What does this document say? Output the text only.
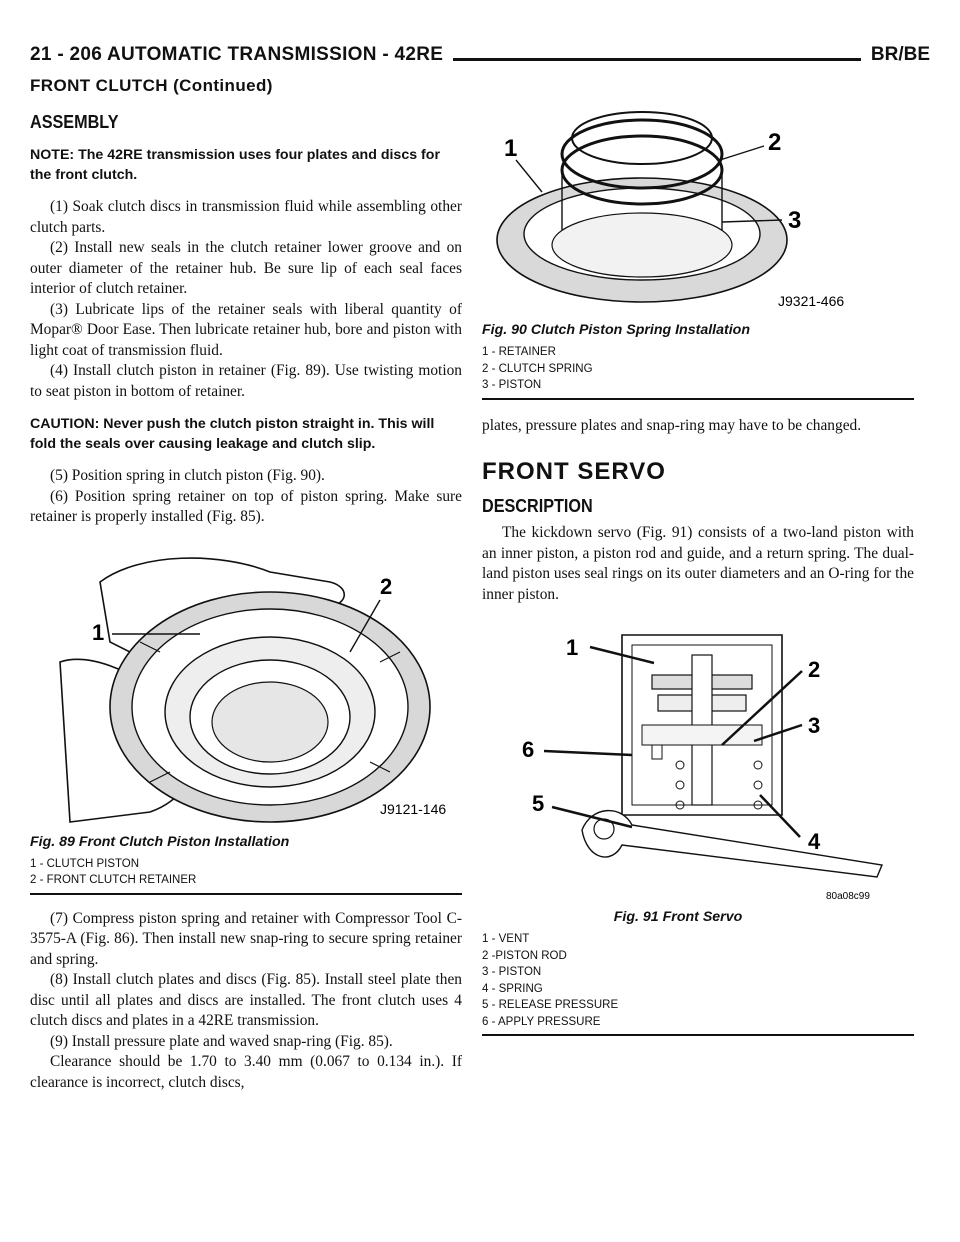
21 - 206 AUTOMATIC TRANSMISSION - 42RE	BR/BE
FRONT CLUTCH (Continued)
ASSEMBLY
NOTE: The 42RE transmission uses four plates and discs for the front clutch.

(1) Soak clutch discs in transmission fluid while assembling other clutch parts.

(2) Install new seals in the clutch retainer lower groove and on outer diameter of the retainer hub. Be sure lip of each seal faces interior of clutch retainer.

(3) Lubricate lips of the retainer seals with liberal quantity of Mopar® Door Ease. Then lubricate retainer hub, bore and piston with light coat of transmission fluid.

(4) Install clutch piston in retainer (Fig. 89). Use twisting motion to seat piston in bottom of retainer.

CAUTION: Never push the clutch piston straight in. This will fold the seals over causing leakage and clutch slip.

(5) Position spring in clutch piston (Fig. 90).

(6) Position spring retainer on top of piston spring. Make sure retainer is properly installed (Fig. 85).

1
2
J9121-146
Fig. 89 Front Clutch Piston Installation
1 - CLUTCH PISTON
2 - FRONT CLUTCH RETAINER

(7) Compress piston spring and retainer with Compressor Tool C-3575-A (Fig. 86). Then install new snap-ring to secure spring retainer and spring.

(8) Install clutch plates and discs (Fig. 85). Install steel plate then disc until all plates and discs are installed. The front clutch uses 4 clutch discs and plates in a 42RE transmission.

(9) Install pressure plate and waved snap-ring (Fig. 85).

Clearance should be 1.70 to 3.40 mm (0.067 to 0.134 in.). If clearance is incorrect, clutch discs,

1	2
3
J9321-466
Fig. 90 Clutch Piston Spring Installation
1 - RETAINER
2 - CLUTCH SPRING
3 - PISTON

plates, pressure plates and snap-ring may have to be changed.

FRONT SERVO
DESCRIPTION

The kickdown servo (Fig. 91) consists of a two-land piston with an inner piston, a piston rod and guide, and a return spring. The dual-land piston uses seal rings on its outer diameters and an O-ring for the inner piston.

1
2
3
4
5
6
80a08c99
Fig. 91 Front Servo
1 - VENT
2 -PISTON ROD
3 - PISTON
4 - SPRING
5 - RELEASE PRESSURE
6 - APPLY PRESSURE
